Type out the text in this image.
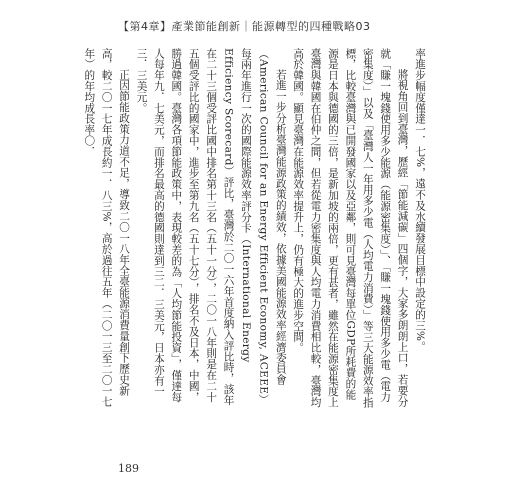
【第4章】產業節能創新｜能源轉型的四種戰略03

率進步幅度僅達一．七%，遠不及水續發展目標中設定的三%。

將視角回到臺灣，歷經「節能減碳」四個字，大家多朗朗上口，若要分就「賺一塊錢使用多少能源（能源密集度）」、「賺一塊錢使用多少電（電力密集度）」以及「臺灣人一年用多少電（人均電力消費）」等三大能源效率指標，比較臺灣與已開發國家以及亞鄰，則可見臺灣每單位GDP所耗費的能源是日本與德國的三倍，是新加坡的兩倍，更有甚者，雖然在能源密集度上臺灣與韓國在伯仲之間，但若從電力密集度與人均電力消費相比較，臺灣均高於韓國。顯見臺灣在能源效率提升上，仍有極大的進步空間。

若進一步分析臺灣能源政策的績效，依據美國能源效率經濟委員會（American Council for an Energy Efficient Economy, ACEEE）每兩年進行一次的國際能源效率評分卡（International Energy Efficiency Scorecard）評比，臺灣於二〇一六年首度納入評比時，該年在二十三個受評比國中排名第十三名（五十一分），二〇一八年則是在二十五個受評比的國家中，進步至第九名（五十七分），排名不及日本，中國，勝過韓國。臺灣各項節能政策中，表現較差的為「人均節能投資」，僅達每人每年九．七美元，而排名最高的德國則達到三二．三美元，日本亦有一三．三美元。

正因節能政策力道不足，導致二〇一八年全臺能源消費量創下歷史新高，較二〇一七年成長約一．八三%，高於過往五年（二〇一三至二〇一七年）的年均成長率〇．

189
